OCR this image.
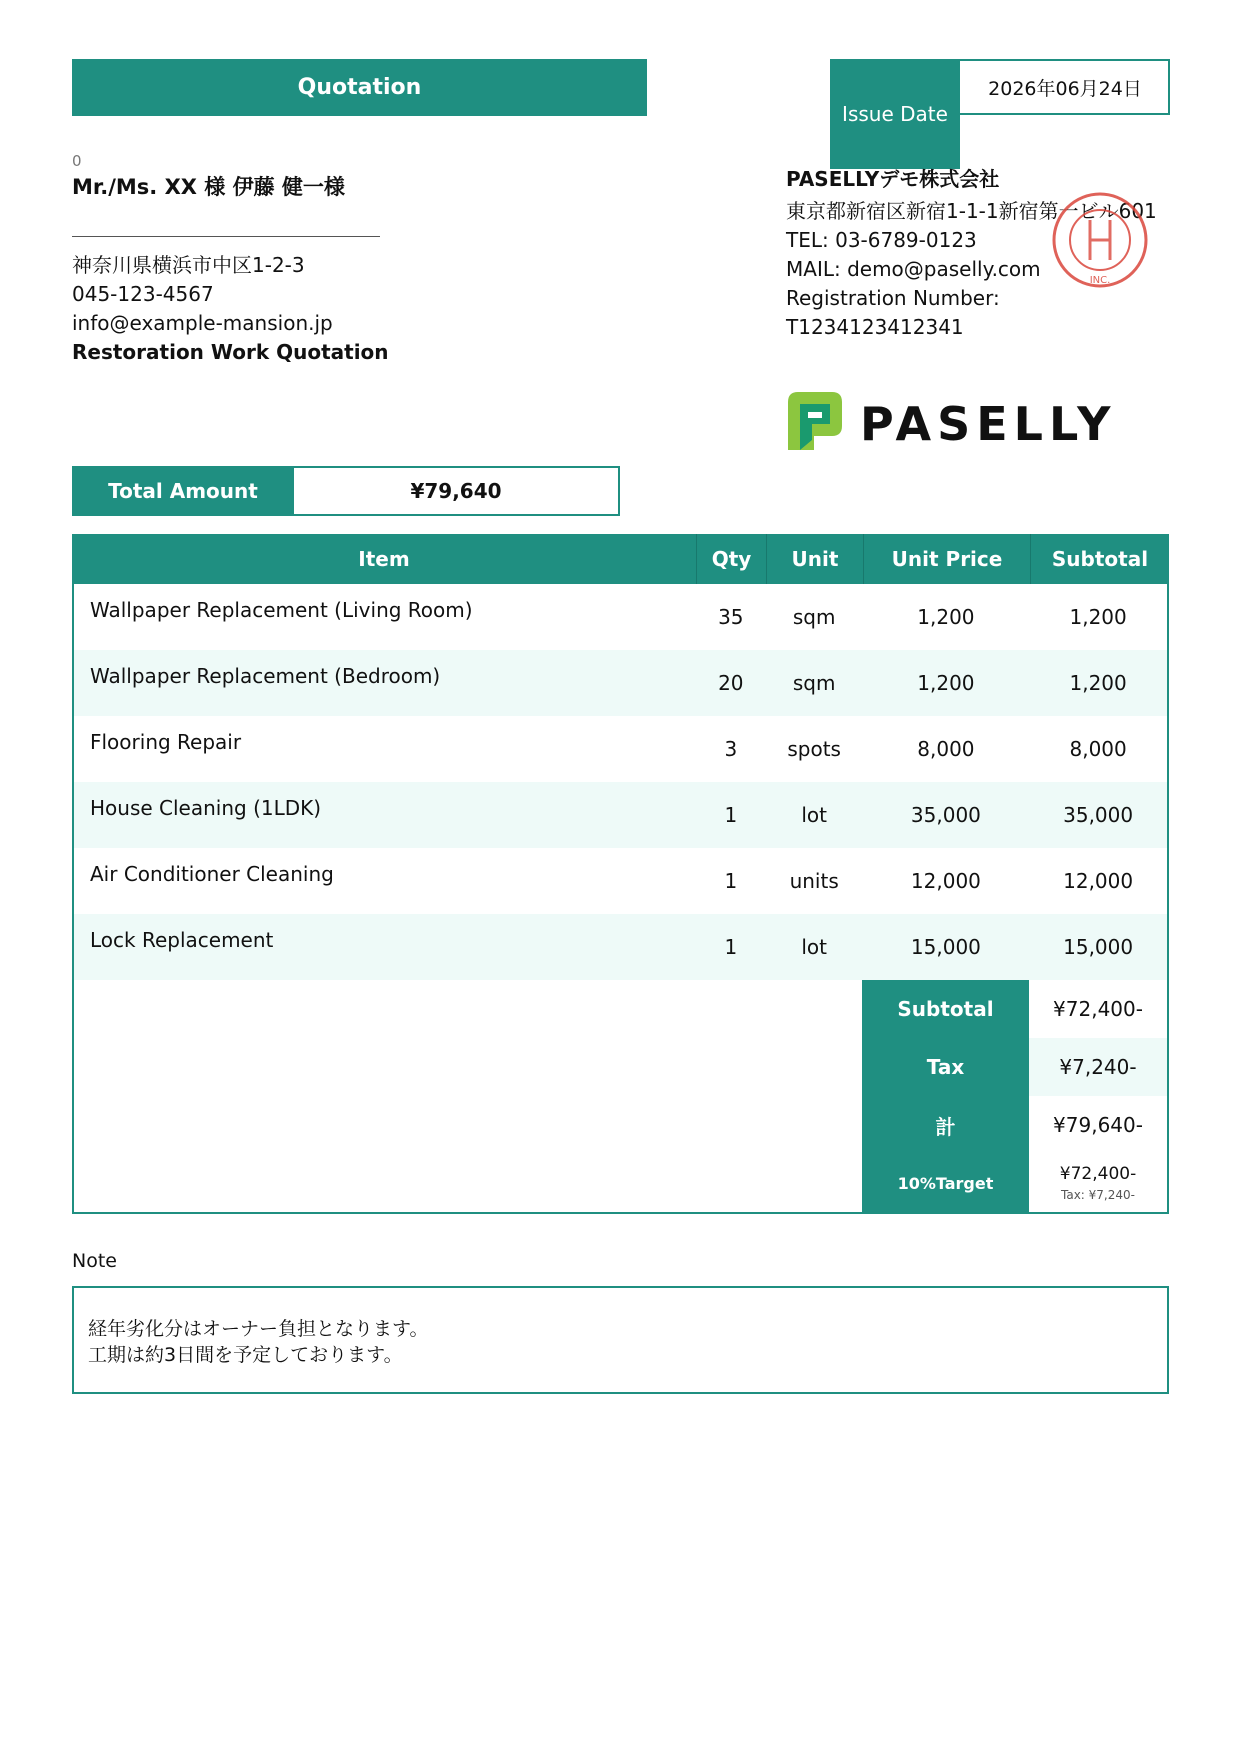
Quotation
Issue Date
2026年06月24日
0
Mr./Ms. XX 様 伊藤 健一様
神奈川県横浜市中区1-2-3
045-123-4567
info@example-mansion.jp
Restoration Work Quotation
PASELLYデモ株式会社
東京都新宿区新宿1-1-1新宿第一ビル601
TEL: 03-6789-0123
MAIL: demo@paselly.com
Registration Number:
T1234123412341
INC.
PASELLY
Total Amount	¥79,640
Item	Qty	Unit	Unit Price	Subtotal
Wallpaper Replacement (Living Room)	35	sqm	1,200	1,200
Wallpaper Replacement (Bedroom)	20	sqm	1,200	1,200
Flooring Repair	3	spots	8,000	8,000
House Cleaning (1LDK)	1	lot	35,000	35,000
Air Conditioner Cleaning	1	units	12,000	12,000
Lock Replacement	1	lot	15,000	15,000
Subtotal	¥72,400-
Tax	¥7,240-
計	¥79,640-
10%Target	¥72,400-
Tax: ¥7,240-
Note
経年劣化分はオーナー負担となります。
工期は約3日間を予定しております。
